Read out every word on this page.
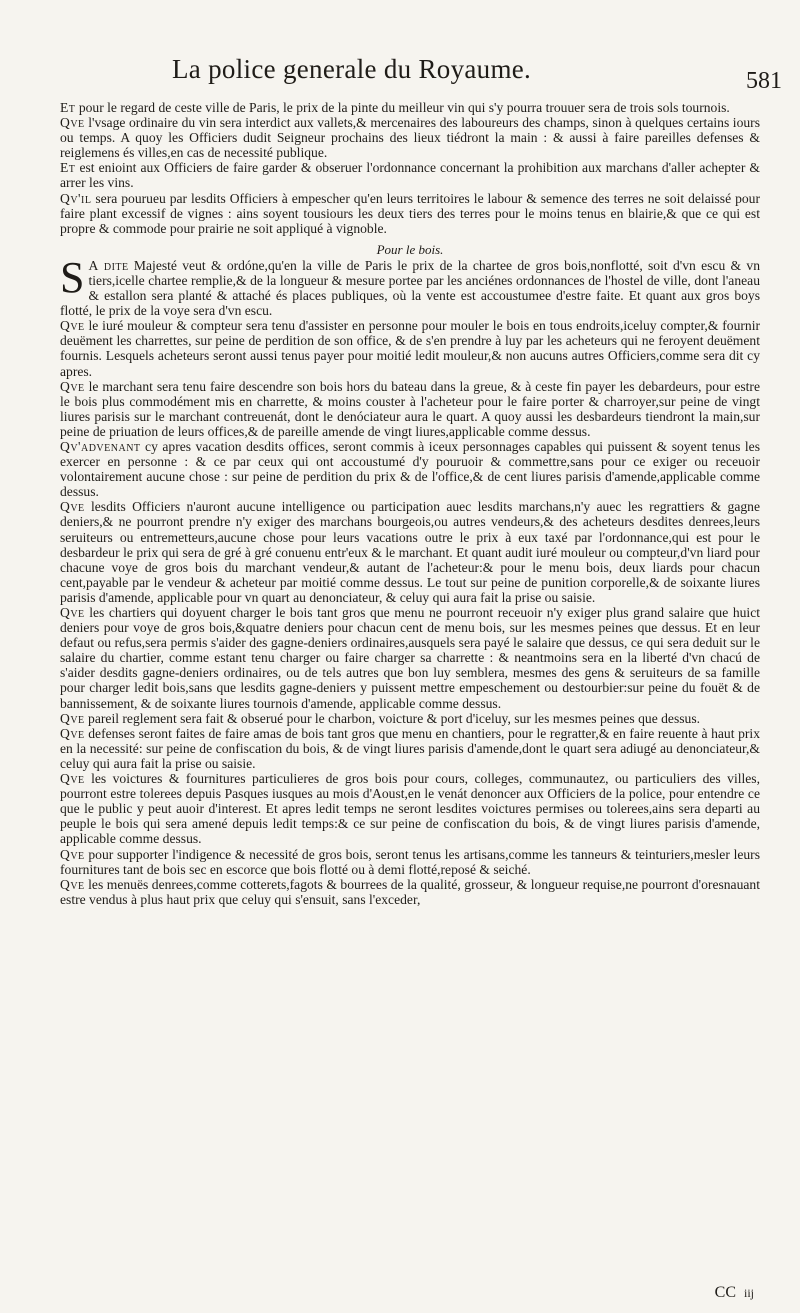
La police generale du Royaume.	581

Et pour le regard de ceste ville de Paris, le prix de la pinte du meilleur vin qui s'y pourra trouuer sera de trois sols tournois.

Qve l'vsage ordinaire du vin sera interdict aux vallets,& mercenaires des laboureurs des champs, sinon à quelques certains iours ou temps. A quoy les Officiers dudit Seigneur prochains des lieux tiédront la main : & aussi à faire pareilles defenses & reiglemens és villes,en cas de necessité publique.

Et est enioint aux Officiers de faire garder & obseruer l'ordonnance concernant la prohibition aux marchans d'aller achepter & arrer les vins.

Qv'il sera pourueu par lesdits Officiers à empescher qu'en leurs territoires le labour & semence des terres ne soit delaissé pour faire plant excessif de vignes : ains soyent tousiours les deux tiers des terres pour le moins tenus en blairie,& que ce qui est propre & commode pour prairie ne soit appliqué à vignoble.

Pour le bois.

S A dite Majesté veut & ordóne,qu'en la ville de Paris le prix de la chartee de gros bois,nonflotté, soit d'vn escu & vn tiers,icelle chartee remplie,& de la longueur & mesure portee par les anciénes ordonnances de l'hostel de ville, dont l'aneau & estallon sera planté & attaché és places publiques, où la vente est accoustumee d'estre faite. Et quant aux gros boys flotté, le prix de la voye sera d'vn escu.

Qve le iuré mouleur & compteur sera tenu d'assister en personne pour mouler le bois en tous endroits,iceluy compter,& fournir deuëment les charrettes, sur peine de perdition de son office, & de s'en prendre à luy par les acheteurs qui ne feroyent deuëment fournis. Lesquels acheteurs seront aussi tenus payer pour moitié ledit mouleur,& non aucuns autres Officiers,comme sera dit cy apres.

Qve le marchant sera tenu faire descendre son bois hors du bateau dans la greue, & à ceste fin payer les debardeurs, pour estre le bois plus commodément mis en charrette, & moins couster à l'acheteur pour le faire porter & charroyer,sur peine de vingt liures parisis sur le marchant contreuenát, dont le denóciateur aura le quart. A quoy aussi les desbardeurs tiendront la main,sur peine de priuation de leurs offices,& de pareille amende de vingt liures,applicable comme dessus.

Qv'advenant cy apres vacation desdits offices, seront commis à iceux personnages capables qui puissent & soyent tenus les exercer en personne : & ce par ceux qui ont accoustumé d'y pouruoir & commettre,sans pour ce exiger ou receuoir volontairement aucune chose : sur peine de perdition du prix & de l'office,& de cent liures parisis d'amende,applicable comme dessus.

Qve lesdits Officiers n'auront aucune intelligence ou participation auec lesdits marchans,n'y auec les regrattiers & gagne deniers,& ne pourront prendre n'y exiger des marchans bourgeois,ou autres vendeurs,& des acheteurs desdites denrees,leurs seruiteurs ou entremetteurs,aucune chose pour leurs vacations outre le prix à eux taxé par l'ordonnance,qui est pour le desbardeur le prix qui sera de gré à gré conuenu entr'eux & le marchant. Et quant audit iuré mouleur ou compteur,d'vn liard pour chacune voye de gros bois du marchant vendeur,& autant de l'acheteur:& pour le menu bois, deux liards pour chacun cent,payable par le vendeur & acheteur par moitié comme dessus. Le tout sur peine de punition corporelle,& de soixante liures parisis d'amende, applicable pour vn quart au denonciateur, & celuy qui aura fait la prise ou saisie.

Qve les chartiers qui doyuent charger le bois tant gros que menu ne pourront receuoir n'y exiger plus grand salaire que huict deniers pour voye de gros bois,&quatre deniers pour chacun cent de menu bois, sur les mesmes peines que dessus. Et en leur defaut ou refus,sera permis s'aider des gagne-deniers ordinaires,ausquels sera payé le salaire que dessus, ce qui sera deduit sur le salaire du chartier, comme estant tenu charger ou faire charger sa charrette : & neantmoins sera en la liberté d'vn chacú de s'aider desdits gagne-deniers ordinaires, ou de tels autres que bon luy semblera, mesmes des gens & seruiteurs de sa famille pour charger ledit bois,sans que lesdits gagne-deniers y puissent mettre empeschement ou destourbier:sur peine du fouët & de bannissement, & de soixante liures tournois d'amende, applicable comme dessus.

Qve pareil reglement sera fait & obserué pour le charbon, voicture & port d'iceluy, sur les mesmes peines que dessus.

Qve defenses seront faites de faire amas de bois tant gros que menu en chantiers, pour le regratter,& en faire reuente à haut prix en la necessité: sur peine de confiscation du bois, & de vingt liures parisis d'amende,dont le quart sera adiugé au denonciateur,& celuy qui aura fait la prise ou saisie.

Qve les voictures & fournitures particulieres de gros bois pour cours, colleges, communautez, ou particuliers des villes, pourront estre tolerees depuis Pasques iusques au mois d'Aoust,en le venát denoncer aux Officiers de la police, pour entendre ce que le public y peut auoir d'interest. Et apres ledit temps ne seront lesdites voictures permises ou tolerees,ains sera departi au peuple le bois qui sera amené depuis ledit temps:& ce sur peine de confiscation du bois, & de vingt liures parisis d'amende, applicable comme dessus.

Qve pour supporter l'indigence & necessité de gros bois, seront tenus les artisans,comme les tanneurs & teinturiers,mesler leurs fournitures tant de bois sec en escorce que bois flotté ou à demi flotté,reposé & seiché.

Qve les menuës denrees,comme cotterets,fagots & bourrees de la qualité, grosseur, & longueur requise,ne pourront d'oresnauant estre vendus à plus haut prix que celuy qui s'ensuit, sans l'exceder,

CC iij
